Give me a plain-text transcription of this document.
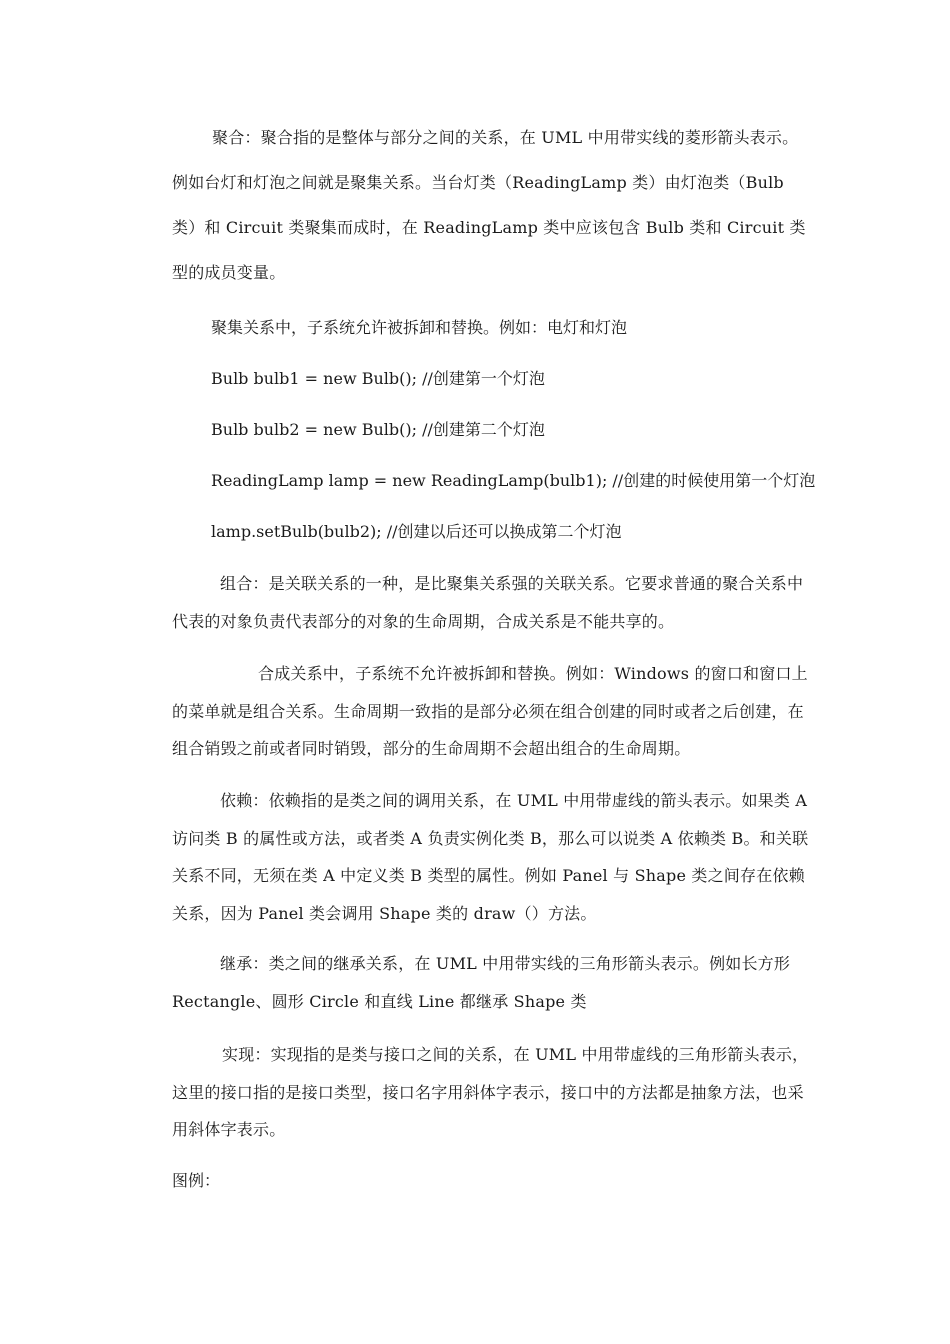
聚合：聚合指的是整体与部分之间的关系，在 UML 中用带实线的菱形箭头表示。例如台灯和灯泡之间就是聚集关系。当台灯类（ReadingLamp 类）由灯泡类（Bulb 类）和 Circuit 类聚集而成时，在 ReadingLamp 类中应该包含 Bulb 类和 Circuit 类型的成员变量。

聚集关系中，子系统允许被拆卸和替换。例如：电灯和灯泡

Bulb bulb1 = new Bulb(); //创建第一个灯泡

Bulb bulb2 = new Bulb(); //创建第二个灯泡

ReadingLamp lamp = new ReadingLamp(bulb1); //创建的时候使用第一个灯泡

lamp.setBulb(bulb2); //创建以后还可以换成第二个灯泡

组合：是关联关系的一种，是比聚集关系强的关联关系。它要求普通的聚合关系中代表的对象负责代表部分的对象的生命周期，合成关系是不能共享的。

合成关系中，子系统不允许被拆卸和替换。例如：Windows 的窗口和窗口上的菜单就是组合关系。生命周期一致指的是部分必须在组合创建的同时或者之后创建，在组合销毁之前或者同时销毁，部分的生命周期不会超出组合的生命周期。

依赖：依赖指的是类之间的调用关系，在 UML 中用带虚线的箭头表示。如果类 A 访问类 B 的属性或方法，或者类 A 负责实例化类 B，那么可以说类 A 依赖类 B。和关联关系不同，无须在类 A 中定义类 B 类型的属性。例如 Panel 与 Shape 类之间存在依赖关系，因为 Panel 类会调用 Shape 类的 draw（）方法。

继承：类之间的继承关系，在 UML 中用带实线的三角形箭头表示。例如长方形 Rectangle、圆形 Circle 和直线 Line 都继承 Shape 类

实现：实现指的是类与接口之间的关系，在 UML 中用带虚线的三角形箭头表示，这里的接口指的是接口类型，接口名字用斜体字表示，接口中的方法都是抽象方法，也采用斜体字表示。

图例：
